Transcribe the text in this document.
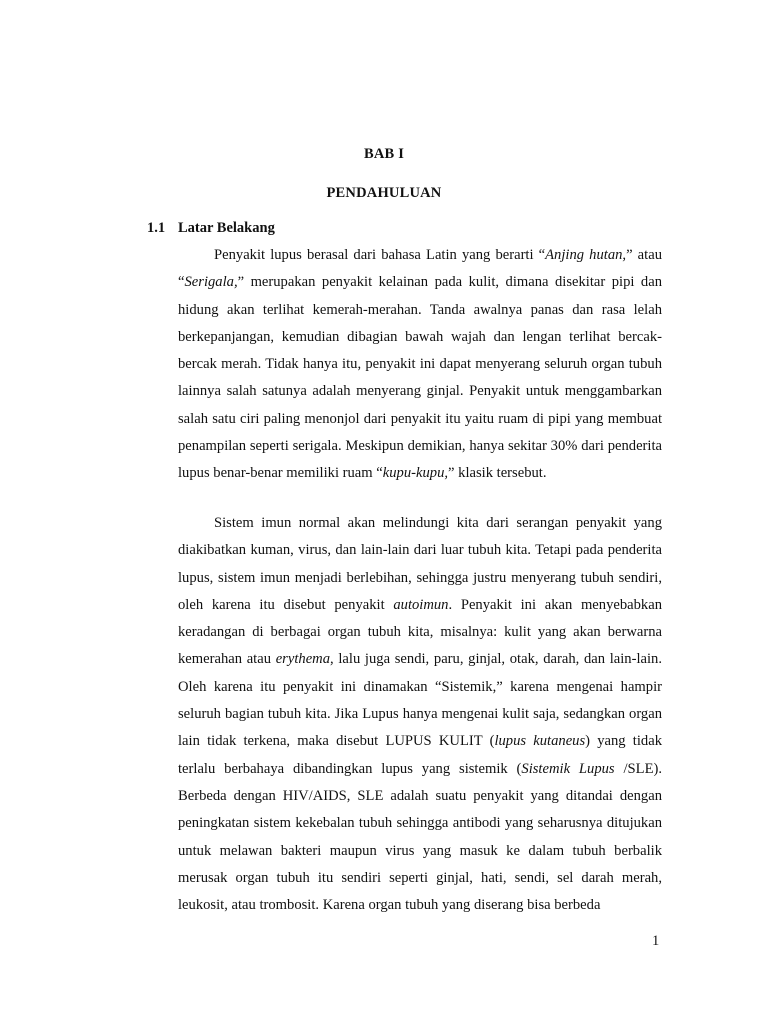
BAB I
PENDAHULUAN
1.1 Latar Belakang

Penyakit lupus berasal dari bahasa Latin yang berarti “Anjing hutan,” atau “Serigala,” merupakan penyakit kelainan pada kulit, dimana disekitar pipi dan hidung akan terlihat kemerah-merahan. Tanda awalnya panas dan rasa lelah berkepanjangan, kemudian dibagian bawah wajah dan lengan terlihat bercak-bercak merah. Tidak hanya itu, penyakit ini dapat menyerang seluruh organ tubuh lainnya salah satunya adalah menyerang ginjal. Penyakit untuk menggambarkan salah satu ciri paling menonjol dari penyakit itu yaitu ruam di pipi yang membuat penampilan seperti serigala. Meskipun demikian, hanya sekitar 30% dari penderita lupus benar-benar memiliki ruam “kupu-kupu,” klasik tersebut.

Sistem imun normal akan melindungi kita dari serangan penyakit yang diakibatkan kuman, virus, dan lain-lain dari luar tubuh kita. Tetapi pada penderita lupus, sistem imun menjadi berlebihan, sehingga justru menyerang tubuh sendiri, oleh karena itu disebut penyakit autoimun. Penyakit ini akan menyebabkan keradangan di berbagai organ tubuh kita, misalnya: kulit yang akan berwarna kemerahan atau erythema, lalu juga sendi, paru, ginjal, otak, darah, dan lain-lain. Oleh karena itu penyakit ini dinamakan “Sistemik,” karena mengenai hampir seluruh bagian tubuh kita. Jika Lupus hanya mengenai kulit saja, sedangkan organ lain tidak terkena, maka disebut LUPUS KULIT (lupus kutaneus) yang tidak terlalu berbahaya dibandingkan lupus yang sistemik (Sistemik Lupus /SLE). Berbeda dengan HIV/AIDS, SLE adalah suatu penyakit yang ditandai dengan peningkatan sistem kekebalan tubuh sehingga antibodi yang seharusnya ditujukan untuk melawan bakteri maupun virus yang masuk ke dalam tubuh berbalik merusak organ tubuh itu sendiri seperti ginjal, hati, sendi, sel darah merah, leukosit, atau trombosit. Karena organ tubuh yang diserang bisa berbeda

1
